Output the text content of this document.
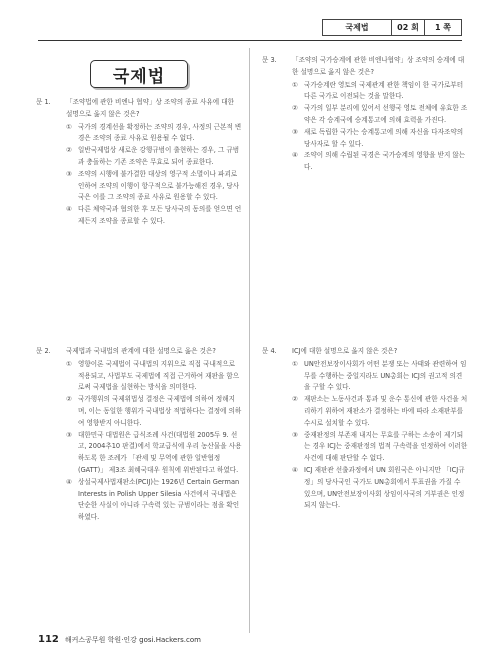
국제법	02 회	1 쪽
국제법
문 1. 「조약법에 관한 비엔나 협약」상 조약의 종료 사유에 대한 설명으로 옳지 않은 것은?
① 국가의 경계선을 확정하는 조약의 경우, 사정의 근본적 변경은 조약의 종료 사유로 원용될 수 없다.
② 일반국제법상 새로운 강행규범이 출현하는 경우, 그 규범과 충돌하는 기존 조약은 무효로 되어 종료한다.
③ 조약의 시행에 불가결한 대상의 영구적 소멸이나 파괴로 인하여 조약의 이행이 항구적으로 불가능해진 경우, 당사국은 이를 그 조약의 종료 사유로 원용할 수 있다.
④ 다른 체약국과 협의한 후 모든 당사국의 동의를 얻으면 언제든지 조약을 종료할 수 있다.
문 2. 국제법과 국내법의 관계에 대한 설명으로 옳은 것은?
① 영향이론 국제법이 국내법의 지위으로 직접 국내적으로 적용되고, 사법부도 국제법에 직접 근거하여 재판을 함으로써 국제법을 실현하는 방식을 의미한다.
② 국가행위의 국제위법성 결정은 국제법에 의하여 정해지며, 이는 동일한 행위가 국내법상 적법하다는 결정에 의하여 영향받지 아니한다.
③ 대한민국 대법원은 급식조례 사건(대법원 2005두 9. 선고, 2004추10 판결)에서 학교급식에 우리 농산물을 사용하도록 한 조례가 「관세 및 무역에 관한 일반협정(GATT)」 제3조 최혜국대우 원칙에 위반된다고 하였다.
④ 상설국제사법재판소(PCIJ)는 1926년 Certain German Interests in Polish Upper Silesia 사건에서 국내법은 단순한 사실이 아니라 구속력 있는 규범이라는 점을 확인하였다.
문 3. 「조약의 국가승계에 관한 비엔나협약」상 조약의 승계에 대한 설명으로 옳지 않은 것은?
① 국가승계란 영토의 국제관계 관한 책임이 한 국가로부터 다른 국가로 이전되는 것을 말한다.
② 국가의 일부 분리에 있어서 선행국 영토 전체에 유효한 조약은 각 승계국에 승계통고에 의해 효력을 가진다.
③ 새로 독립한 국가는 승계통고에 의해 자신을 다자조약의 당사자로 할 수 있다.
④ 조약이 의해 수립된 국경은 국가승계의 영향을 받지 않는다.
문 4. ICJ에 대한 설명으로 옳지 않은 것은?
① UN안전보장이사회가 어떤 분쟁 또는 사태와 관련하여 임무를 수행하는 중일지라도 UN총회는 ICJ의 권고적 의견을 구할 수 있다.
② 재판소는 노동사건과 통과 및 운수 통신에 관한 사건을 처리하기 위하여 재판소가 결정하는 바에 따라 소재판부를 수시로 설치할 수 있다.
③ 중재판정의 부존재 내지는 무효를 구하는 소송이 제기되는 경우 ICJ는 중재판정의 법적 구속력을 인정하여 이러한 사건에 대해 판단할 수 없다.
④ ICJ 재판관 선출과정에서 UN 회원국은 아니지만 「ICJ규정」의 당사국인 국가도 UN총회에서 투표권을 가질 수 있으며, UN안전보장이사회 상임이사국의 거부권은 인정되지 않는다.
112 해커스공무원 학원·인강 gosi.Hackers.com
